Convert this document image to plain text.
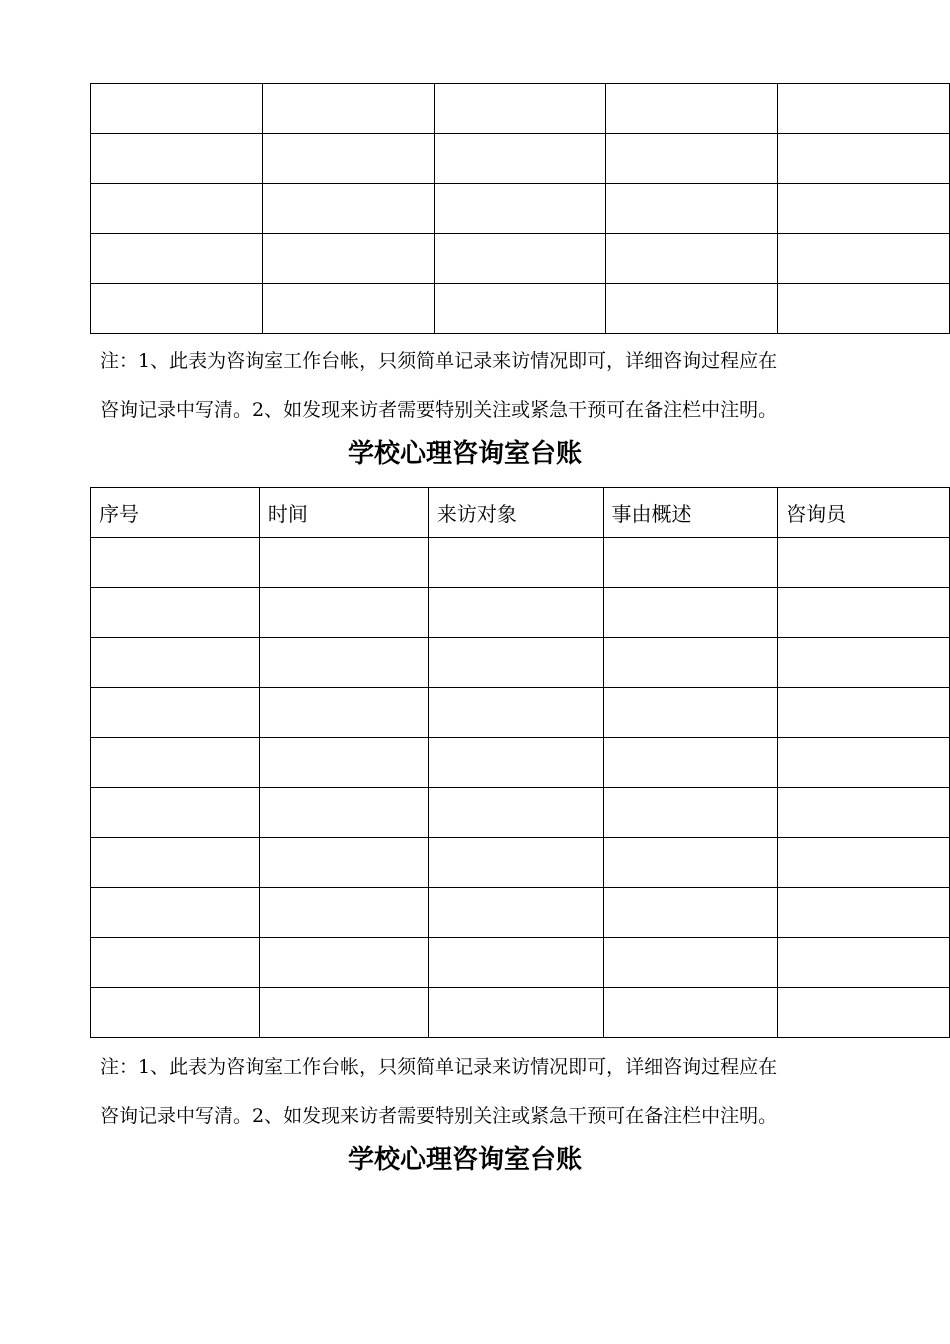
注：1、此表为咨询室工作台帐，只须简单记录来访情况即可，详细咨询过程应在
咨询记录中写清。2、如发现来访者需要特别关注或紧急干预可在备注栏中注明。
学校心理咨询室台账
序号	时间	来访对象	事由概述	咨询员

注：1、此表为咨询室工作台帐，只须简单记录来访情况即可，详细咨询过程应在
咨询记录中写清。2、如发现来访者需要特别关注或紧急干预可在备注栏中注明。
学校心理咨询室台账
